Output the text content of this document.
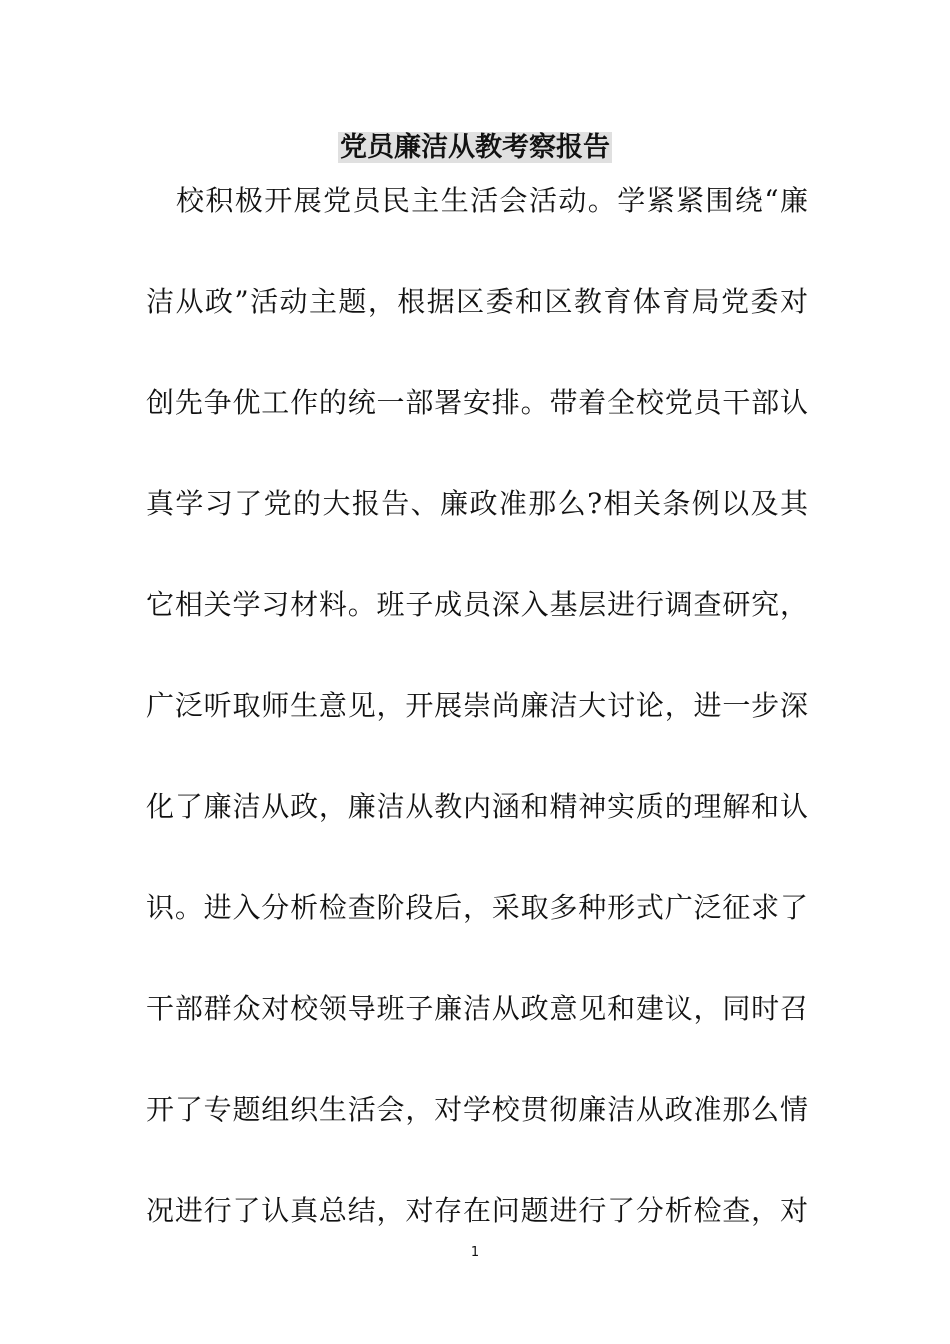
党员廉洁从教考察报告
校积极开展党员民主生活会活动。学紧紧围绕“廉
洁从政”活动主题，根据区委和区教育体育局党委对
创先争优工作的统一部署安排。带着全校党员干部认
真学习了党的大报告、廉政准那么?相关条例以及其
它相关学习材料。班子成员深入基层进行调查研究，
广泛听取师生意见，开展崇尚廉洁大讨论，进一步深
化了廉洁从政，廉洁从教内涵和精神实质的理解和认
识。进入分析检查阶段后，采取多种形式广泛征求了
干部群众对校领导班子廉洁从政意见和建议，同时召
开了专题组织生活会，对学校贯彻廉洁从政准那么情
况进行了认真总结，对存在问题进行了分析检查，对
1
